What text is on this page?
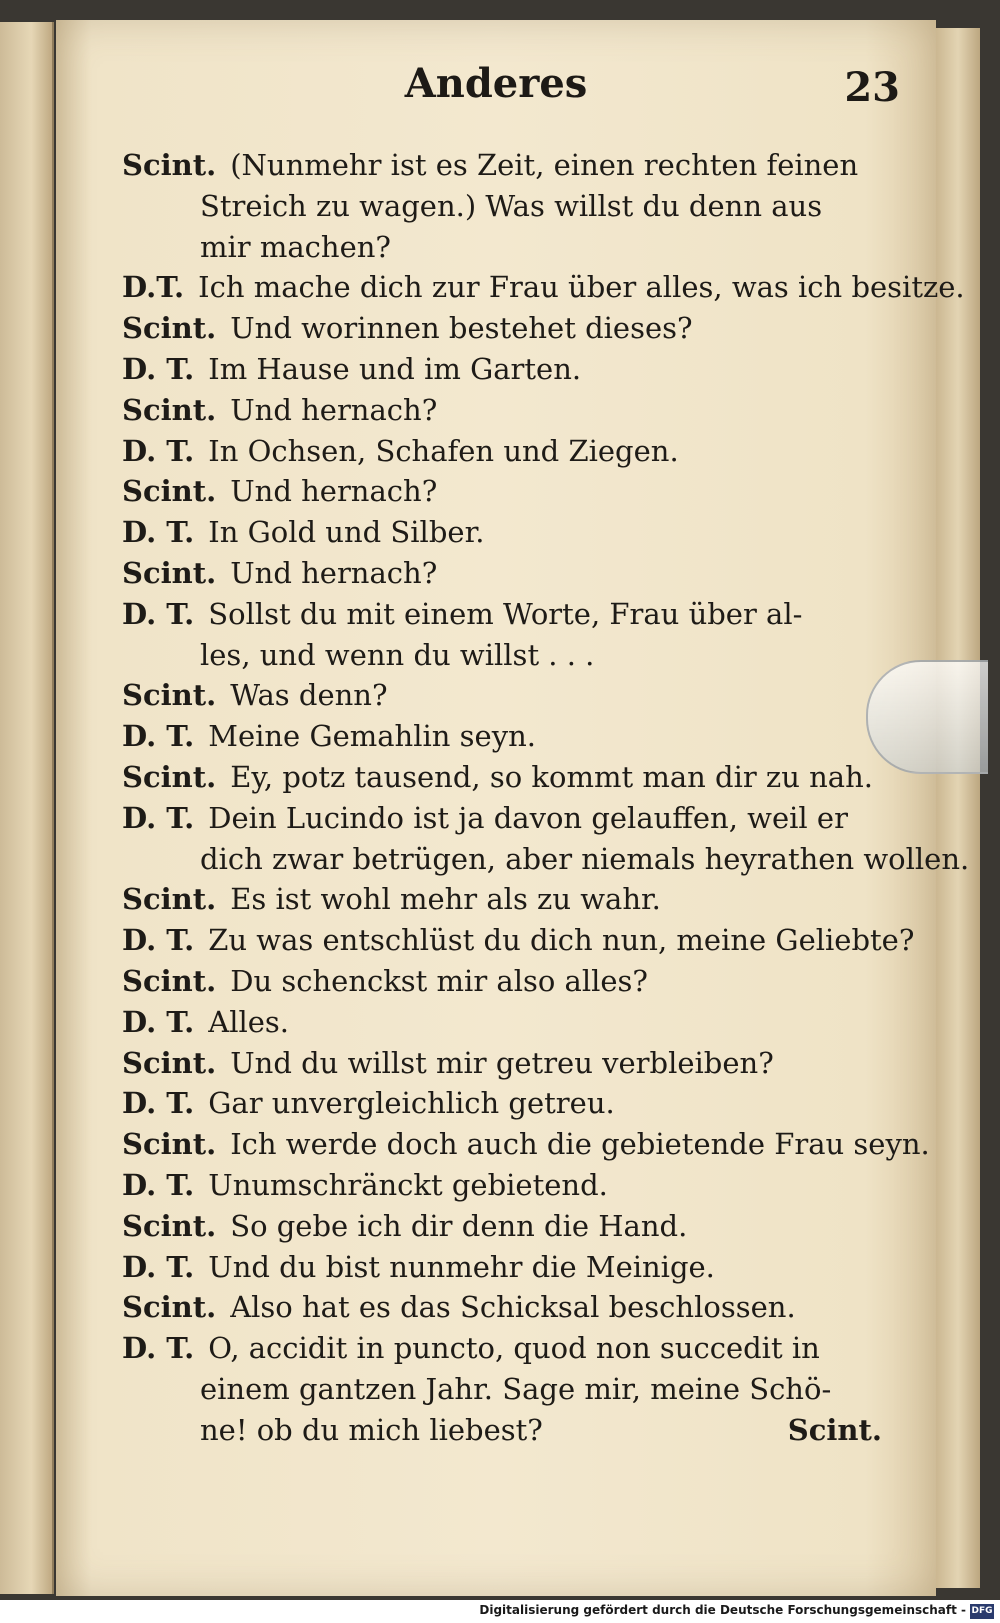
Anderes	23
Scint. (Nunmehr ist es Zeit, einen rechten feinen
Streich zu wagen.) Was willst du denn aus
mir machen?
D.T. Ich mache dich zur Frau über alles, was ich besitze.
Scint. Und worinnen bestehet dieses?
D. T. Im Hause und im Garten.
Scint. Und hernach?
D. T. In Ochsen, Schafen und Ziegen.
Scint. Und hernach?
D. T. In Gold und Silber.
Scint. Und hernach?
D. T. Sollst du mit einem Worte, Frau über al-
les, und wenn du willst . . .
Scint. Was denn?
D. T. Meine Gemahlin seyn.
Scint. Ey, potz tausend, so kommt man dir zu nah.
D. T. Dein Lucindo ist ja davon gelauffen, weil er
dich zwar betrügen, aber niemals heyrathen wollen.
Scint. Es ist wohl mehr als zu wahr.
D. T. Zu was entschlüst du dich nun, meine Geliebte?
Scint. Du schenckst mir also alles?
D. T. Alles.
Scint. Und du willst mir getreu verbleiben?
D. T. Gar unvergleichlich getreu.
Scint. Ich werde doch auch die gebietende Frau seyn.
D. T. Unumschränckt gebietend.
Scint. So gebe ich dir denn die Hand.
D. T. Und du bist nunmehr die Meinige.
Scint. Also hat es das Schicksal beschlossen.
D. T. O, accidit in puncto, quod non succedit in
einem gantzen Jahr. Sage mir, meine Schö-
ne! ob du mich liebest?	Scint.
Digitalisierung gefördert durch die Deutsche Forschungsgemeinschaft - DFG
